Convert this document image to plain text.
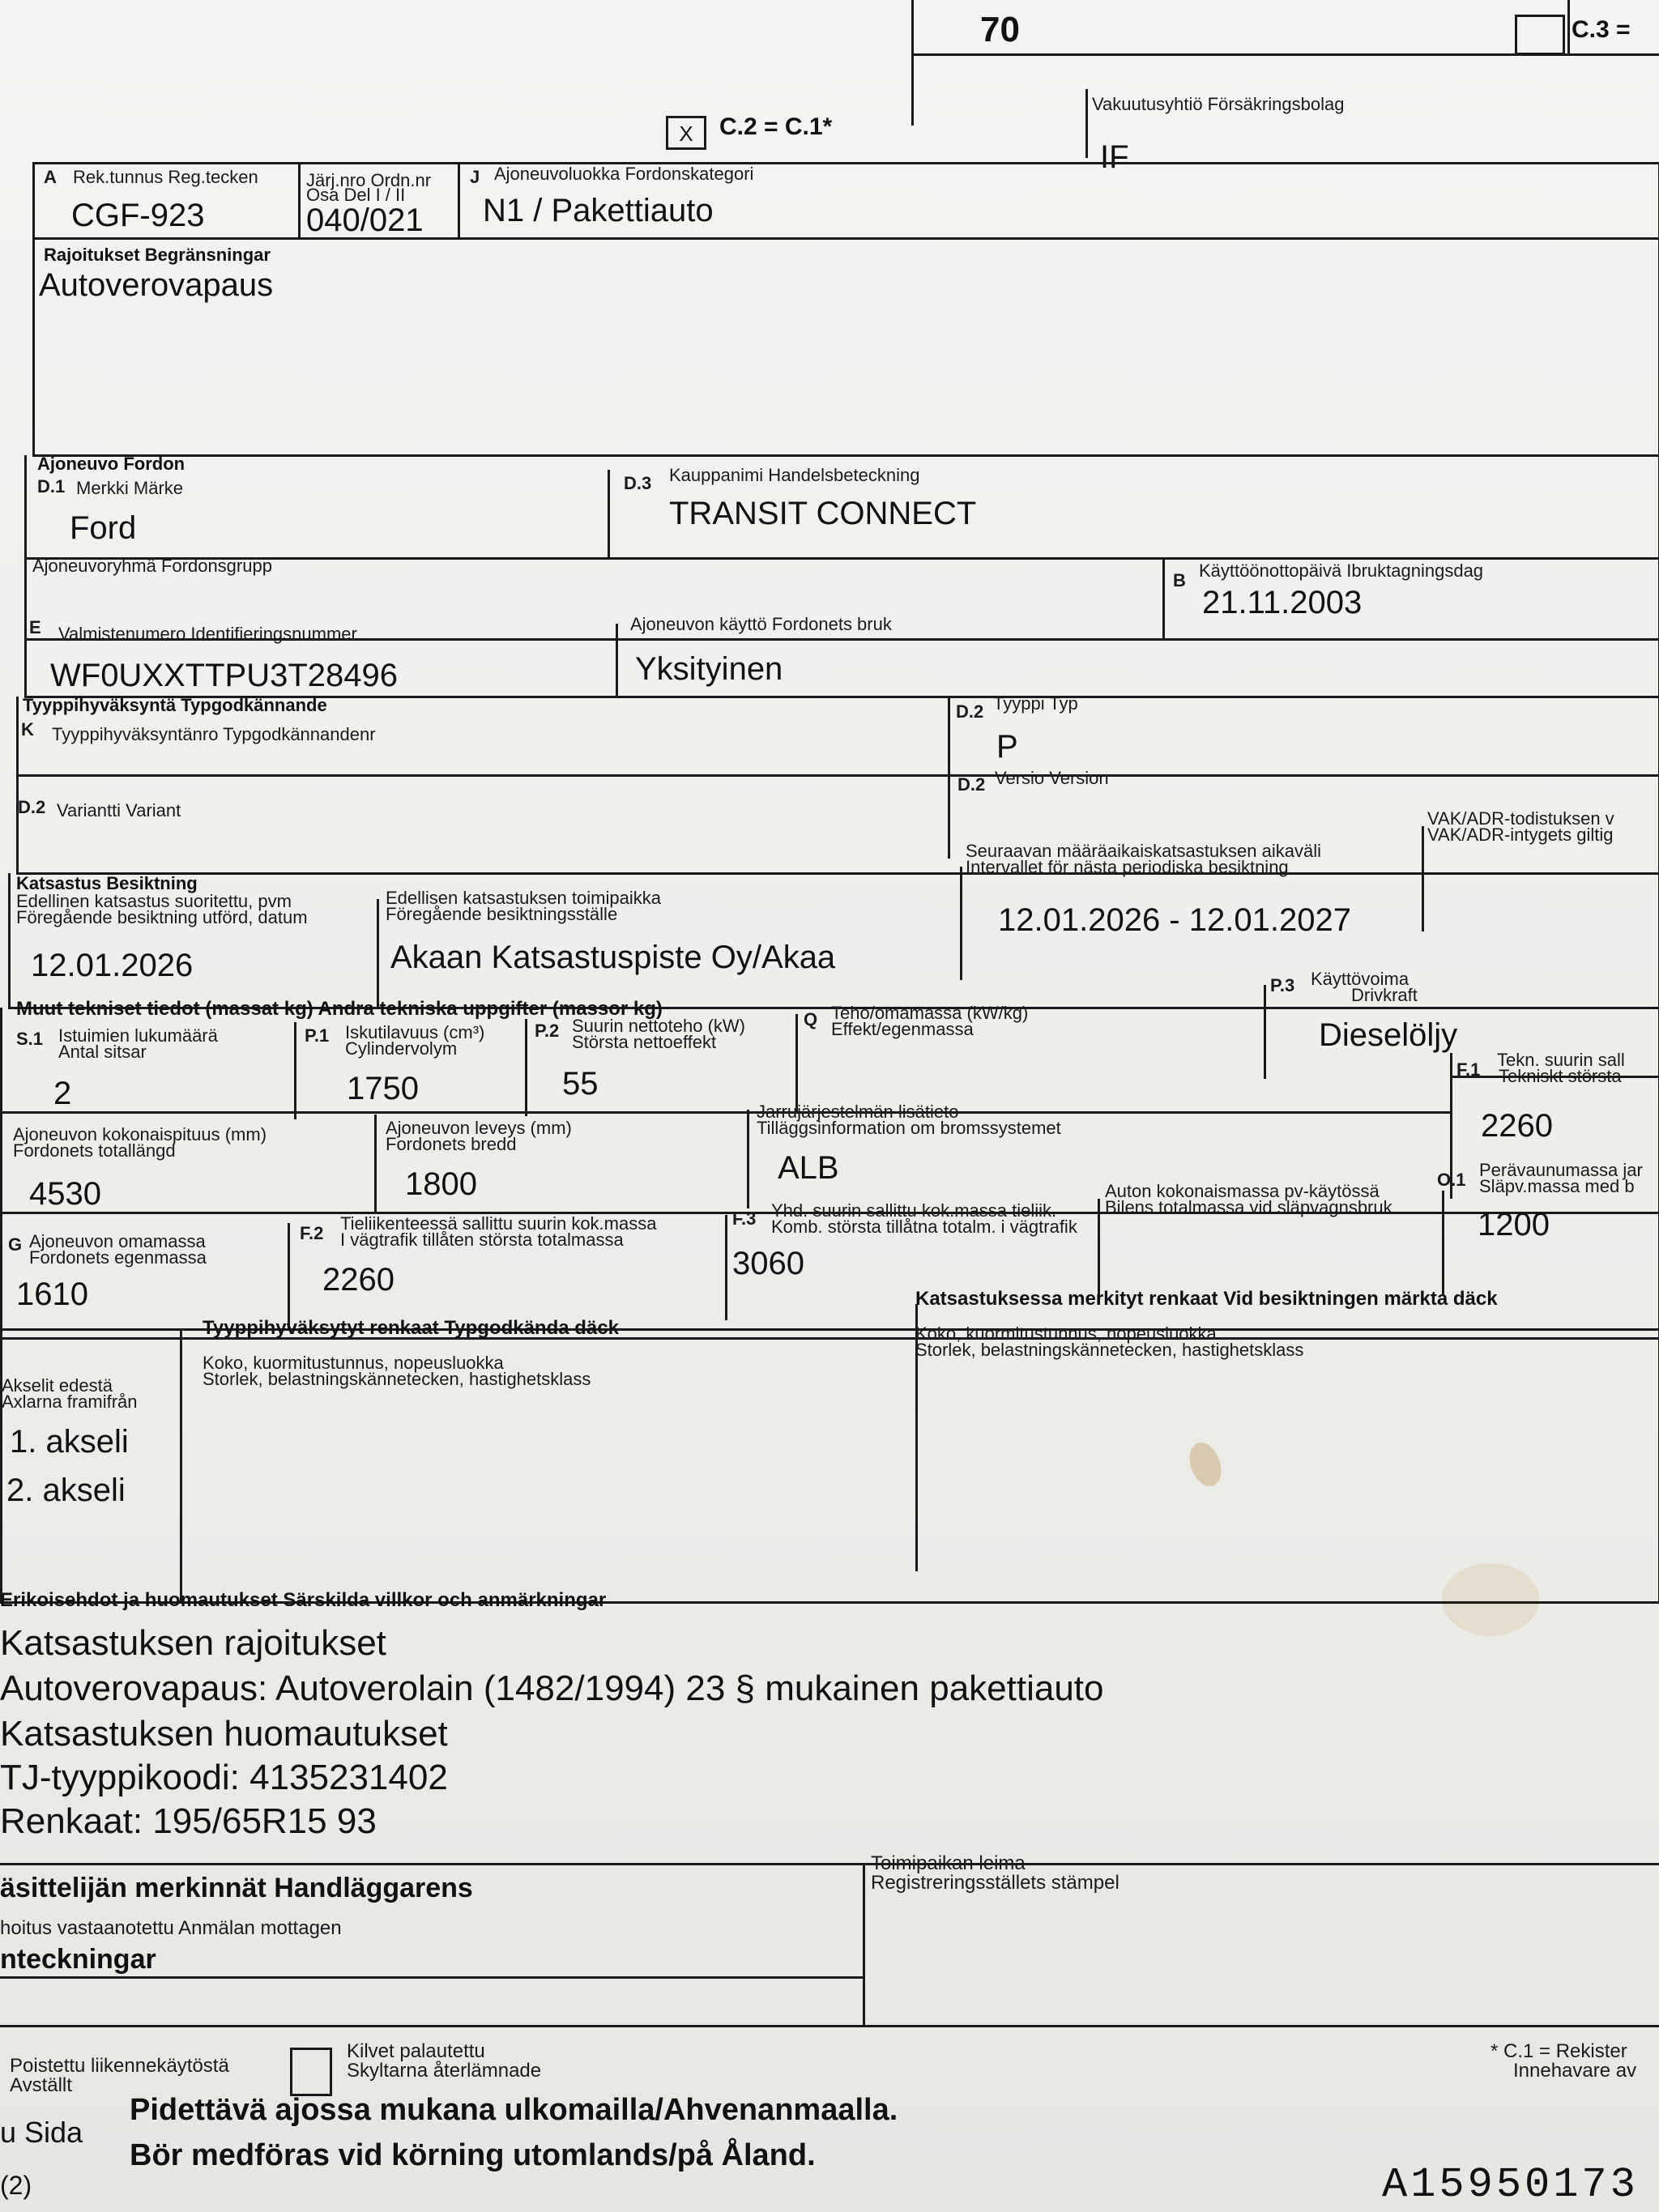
70	C.3 =
X	C.2 = C.1*
Vakuutusyhtiö Försäkringsbolag
IF
A Rek.tunnus Reg.tecken
CGF-923
Järj.nro Ordn.nr
Osa Del I / II
040/021
J Ajoneuvoluokka Fordonskategori
N1 / Pakettiauto
Rajoitukset Begränsningar
Autoverovapaus
Ajoneuvo Fordon
D.1 Merkki Märke
Ford
D.3 Kauppanimi Handelsbeteckning
TRANSIT CONNECT
Ajoneuvoryhmä Fordonsgrupp
B Käyttöönottopäivä Ibruktagningsdag
21.11.2003
E Valmistenumero Identifieringsnummer
WF0UXXTTPU3T28496
Ajoneuvon käyttö Fordonets bruk
Yksityinen
Tyyppihyväksyntä Typgodkännande
K Tyyppihyväksyntänro Typgodkännandenr
D.2 Tyyppi Typ
P
D.2 Versio Version
D.2 Variantti Variant
Katsastus Besiktning
Edellinen katsastus suoritettu, pvm
Föregående besiktning utförd, datum
12.01.2026
Edellisen katsastuksen toimipaikka
Föregående besiktningsställe
Akaan Katsastuspiste Oy/Akaa
Seuraavan määräaikaiskatsastuksen aikaväli
Intervallet för nästa periodiska besiktning
12.01.2026 - 12.01.2027
VAK/ADR-todistuksen v
VAK/ADR-intygets giltig
Muut tekniset tiedot (massat kg) Andra tekniska uppgifter (massor kg)
S.1 Istuimien lukumäärä
Antal sitsar
2
P.1 Iskutilavuus (cm³)
Cylindervolym
1750
P.2 Suurin nettoteho (kW)
Största nettoeffekt
55
Q Teho/omamassa (kW/kg)
Effekt/egenmassa
P.3 Käyttövoima
Drivkraft
Dieselöljy
Ajoneuvon kokonaispituus (mm)
Fordonets totallängd
4530
Ajoneuvon leveys (mm)
Fordonets bredd
1800
Jarrujärjestelmän lisätieto
Tilläggsinformation om bromssystemet
ALB
F.1 Tekn. suurin sall
Tekniskt största
2260
G Ajoneuvon omamassa
Fordonets egenmassa
1610
F.2 Tieliikenteessä sallittu suurin kok.massa
I vägtrafik tillåten största totalmassa
2260
F.3 Yhd. suurin sallittu kok.massa tieliik.
Komb. största tillåtna totalm. i vägtrafik
3060
Auton kokonaismassa pv-käytössä
Bilens totalmassa vid släpvagnsbruk
O.1 Perävaunumassa jar
Släpv.massa med b
1200
Tyyppihyväksytyt renkaat Typgodkända däck
Koko, kuormitustunnus, nopeusluokka
Storlek, belastningskännetecken, hastighetsklass
Katsastuksessa merkityt renkaat Vid besiktningen märkta däck
Koko, kuormitustunnus, nopeusluokka
Storlek, belastningskännetecken, hastighetsklass
Akselit edestä
Axlarna framifrån
1. akseli
2. akseli
Erikoisehdot ja huomautukset Särskilda villkor och anmärkningar
Katsastuksen rajoitukset
Autoverovapaus: Autoverolain (1482/1994) 23 § mukainen pakettiauto
Katsastuksen huomautukset
TJ-tyyppikoodi: 4135231402
Renkaat: 195/65R15 93
äsittelijän merkinnät Handläggarens
hoitus vastaanotettu Anmälan mottagen
nteckningar
Toimipaikan leima
Registreringsställets stämpel
Poistettu liikennekäytöstä
Avställt
Kilvet palautettu
Skyltarna återlämnade
* C.1 = Rekister
Innehavare av
u Sida
(2)
Pidettävä ajossa mukana ulkomailla/Ahvenanmaalla.
Bör medföras vid körning utomlands/på Åland.
A15950173
